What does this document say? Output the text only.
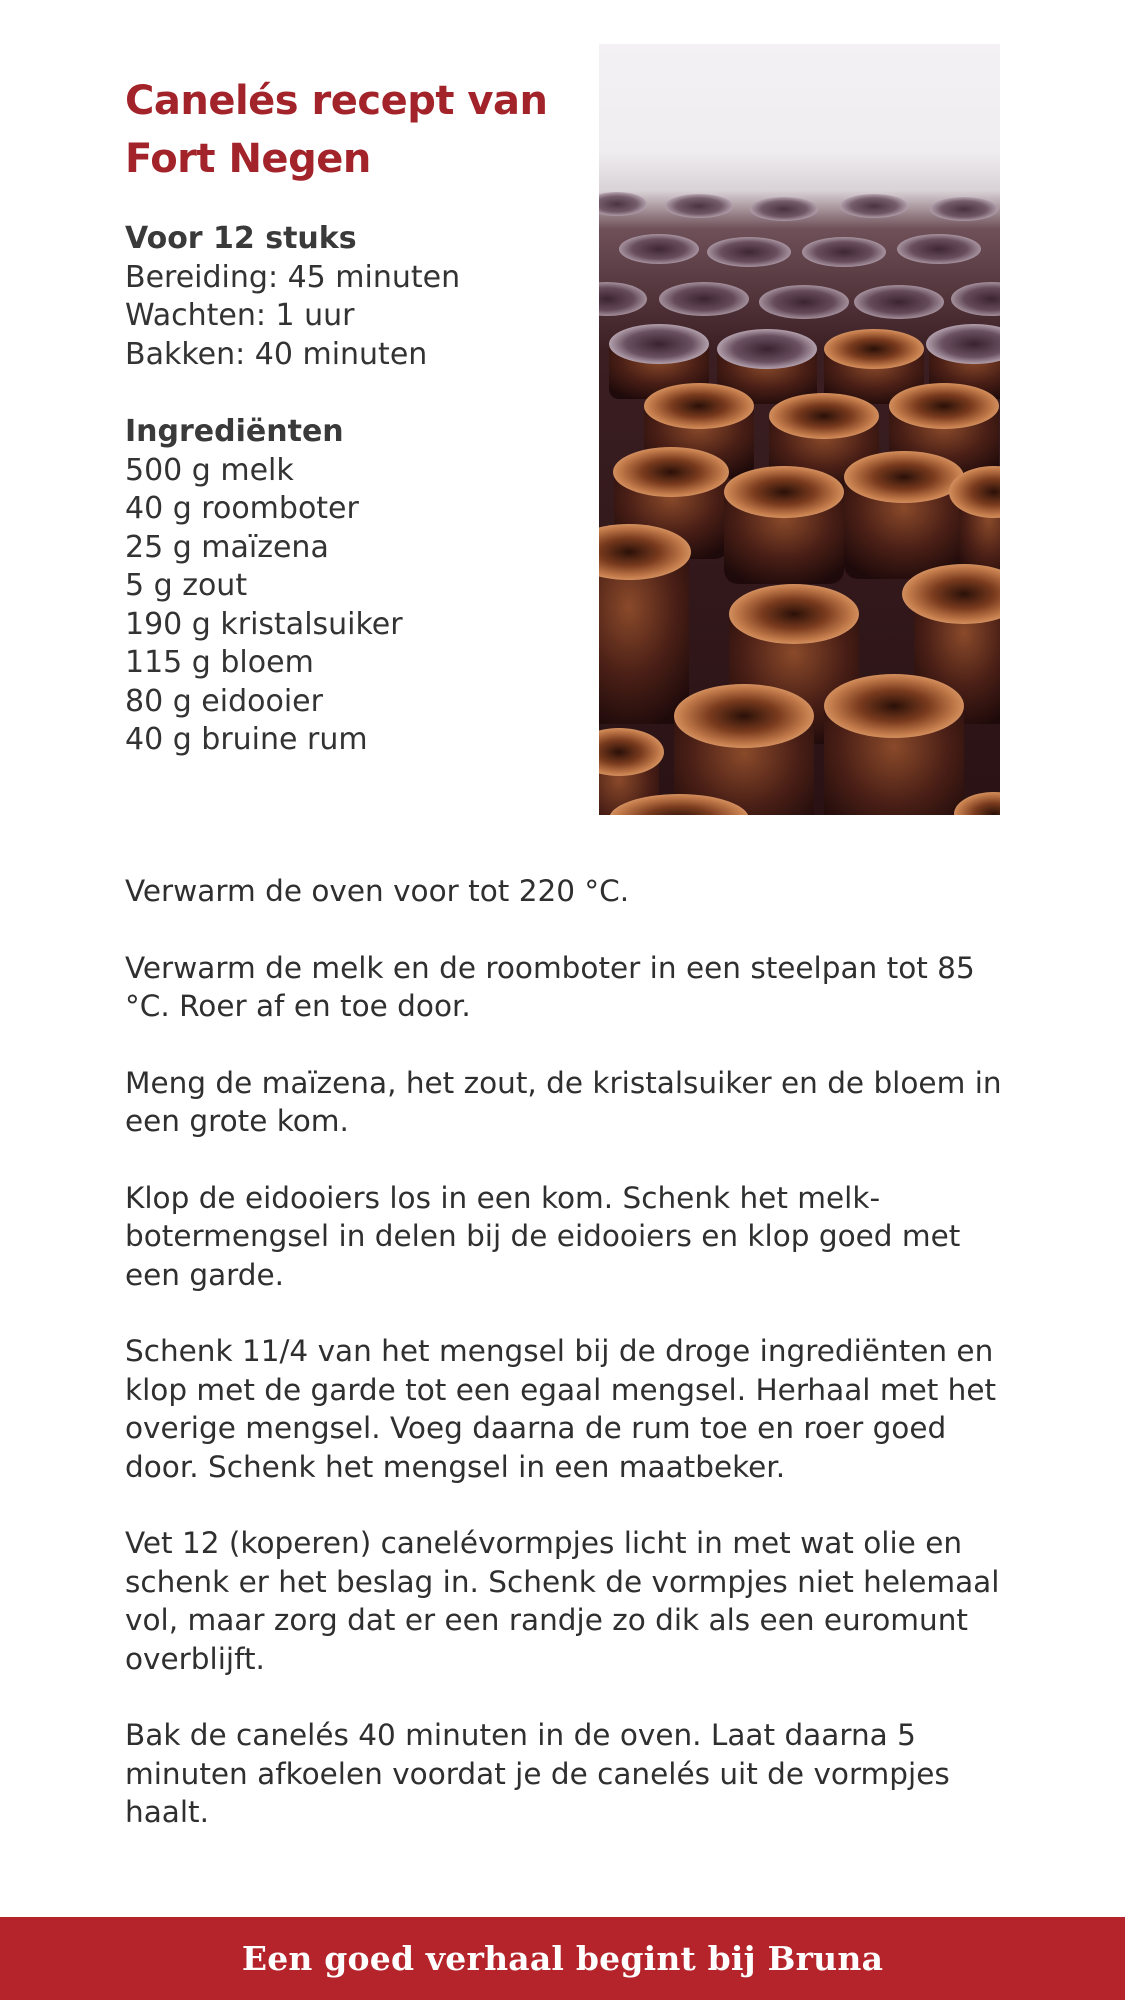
Canelés recept van Fort Negen
Voor 12 stuks
Bereiding: 45 minuten
Wachten: 1 uur
Bakken: 40 minuten
Ingrediënten
500 g melk
40 g roomboter
25 g maïzena
5 g zout
190 g kristalsuiker
115 g bloem
80 g eidooier
40 g bruine rum

Verwarm de oven voor tot 220 °C.

Verwarm de melk en de roomboter in een steelpan tot 85 °C. Roer af en toe door.

Meng de maïzena, het zout, de kristalsuiker en de bloem in een grote kom.

Klop de eidooiers los in een kom. Schenk het melk-botermengsel in delen bij de eidooiers en klop goed met een garde.

Schenk 11/4 van het mengsel bij de droge ingrediënten en klop met de garde tot een egaal mengsel. Herhaal met het overige mengsel. Voeg daarna de rum toe en roer goed door. Schenk het mengsel in een maatbeker.

Vet 12 (koperen) canelévormpjes licht in met wat olie en schenk er het beslag in. Schenk de vormpjes niet helemaal vol, maar zorg dat er een randje zo dik als een euromunt overblijft.

Bak de canelés 40 minuten in de oven. Laat daarna 5 minuten afkoelen voordat je de canelés uit de vormpjes haalt.

Een goed verhaal begint bij Bruna
